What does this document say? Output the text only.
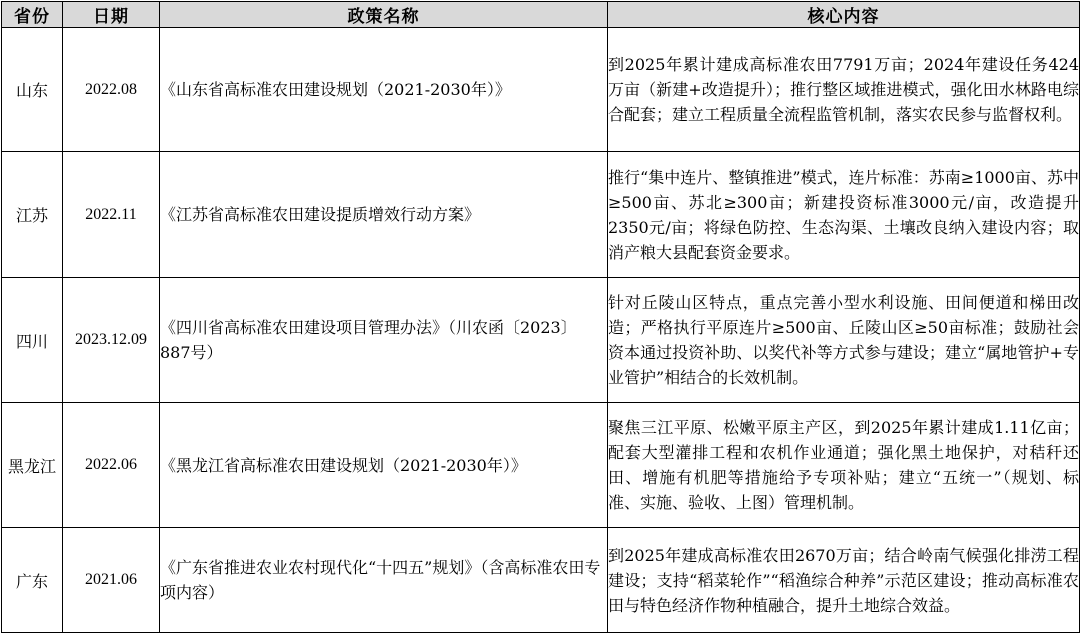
省份	日期	政策名称	核心内容
山东	2022.08	《山东省高标准农田建设规划（2021-2030年）》	到2025年累计建成高标准农田7791万亩；2024年建设任务424万亩（新建+改造提升）；推行整区域推进模式，强化田水林路电综合配套；建立工程质量全流程监管机制，落实农民参与监督权利。
江苏	2022.11	《江苏省高标准农田建设提质增效行动方案》	推行“集中连片、整镇推进”模式，连片标准：苏南≥1000亩、苏中≥500亩、苏北≥300亩；新建投资标准3000元/亩，改造提升2350元/亩；将绿色防控、生态沟渠、土壤改良纳入建设内容；取消产粮大县配套资金要求。
四川	2023.12.09	《四川省高标准农田建设项目管理办法》（川农函〔2023〕887号）	针对丘陵山区特点，重点完善小型水利设施、田间便道和梯田改造；严格执行平原连片≥500亩、丘陵山区≥50亩标准；鼓励社会资本通过投资补助、以奖代补等方式参与建设；建立“属地管护+专业管护”相结合的长效机制。
黑龙江	2022.06	《黑龙江省高标准农田建设规划（2021-2030年）》	聚焦三江平原、松嫩平原主产区，到2025年累计建成1.11亿亩；配套大型灌排工程和农机作业通道；强化黑土地保护，对秸秆还田、增施有机肥等措施给予专项补贴；建立“五统一”（规划、标准、实施、验收、上图）管理机制。
广东	2021.06	《广东省推进农业农村现代化“十四五”规划》（含高标准农田专项内容）	到2025年建成高标准农田2670万亩；结合岭南气候强化排涝工程建设；支持“稻菜轮作”“稻渔综合种养”示范区建设；推动高标准农田与特色经济作物种植融合，提升土地综合效益。
